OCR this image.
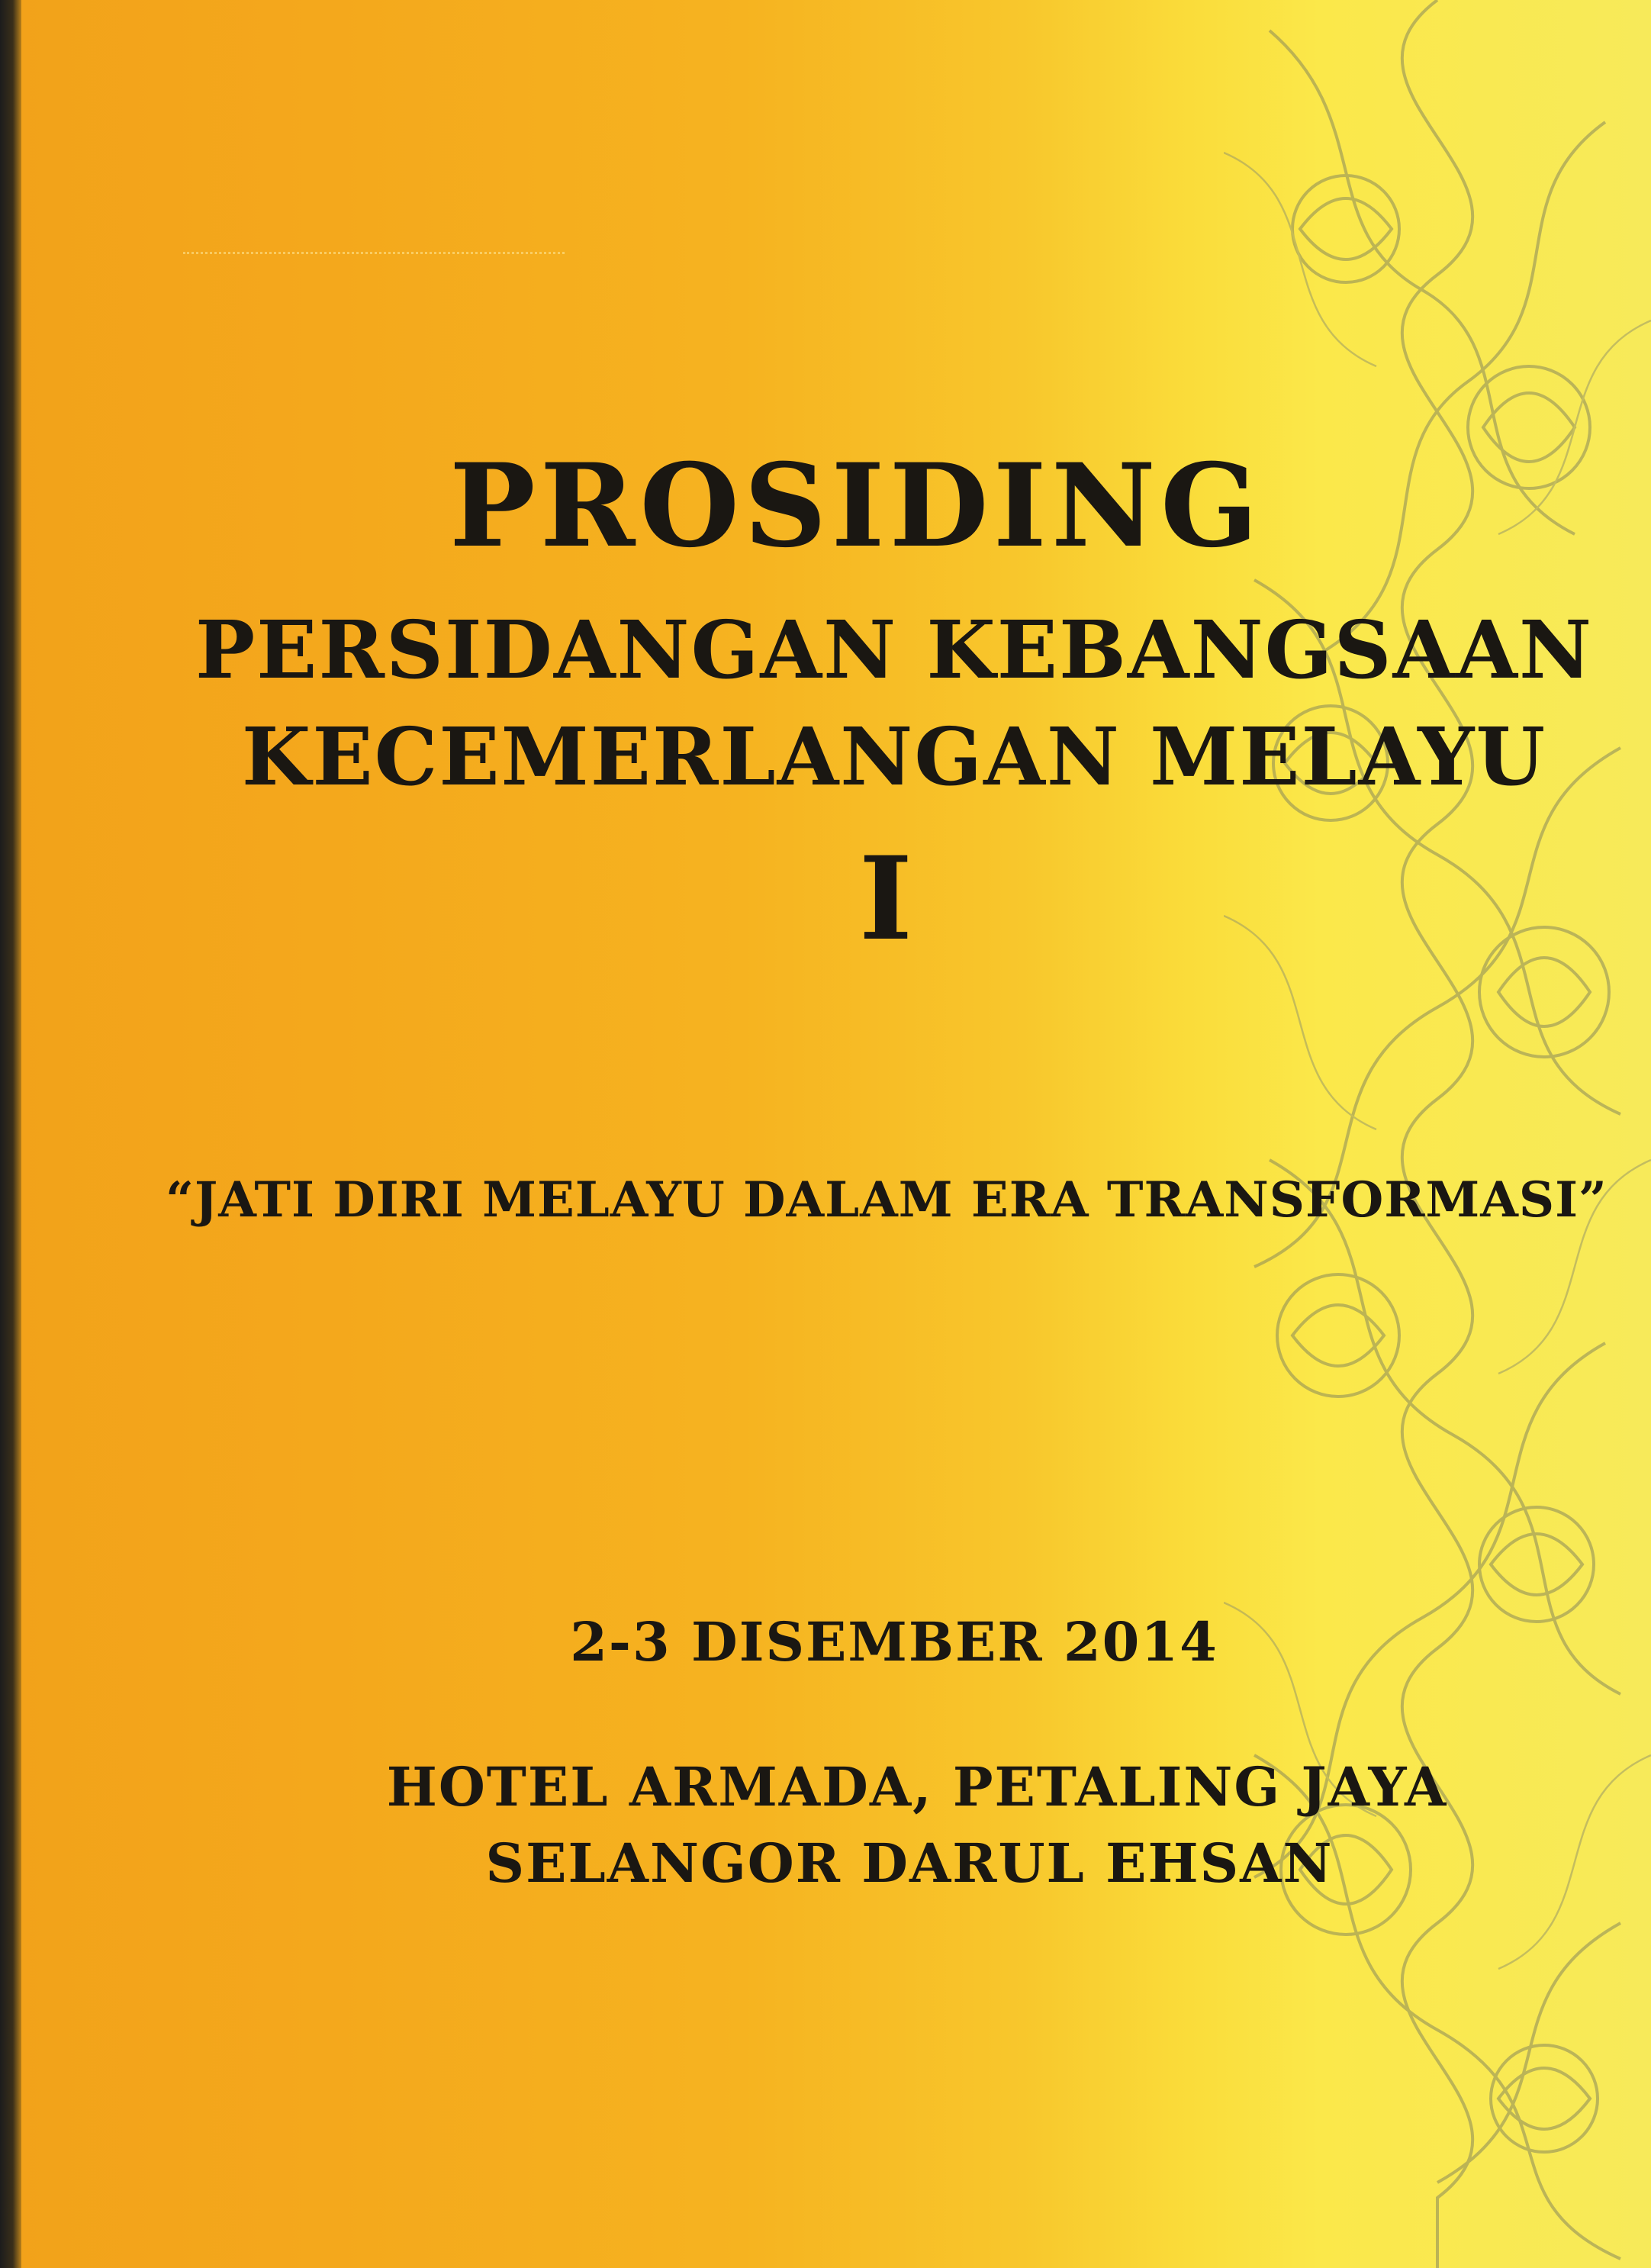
PROSIDING
PERSIDANGAN KEBANGSAAN
KECEMERLANGAN MELAYU
I
“JATI DIRI MELAYU DALAM ERA TRANSFORMASI”
2-3 DISEMBER 2014
HOTEL ARMADA, PETALING JAYA
SELANGOR DARUL EHSAN
